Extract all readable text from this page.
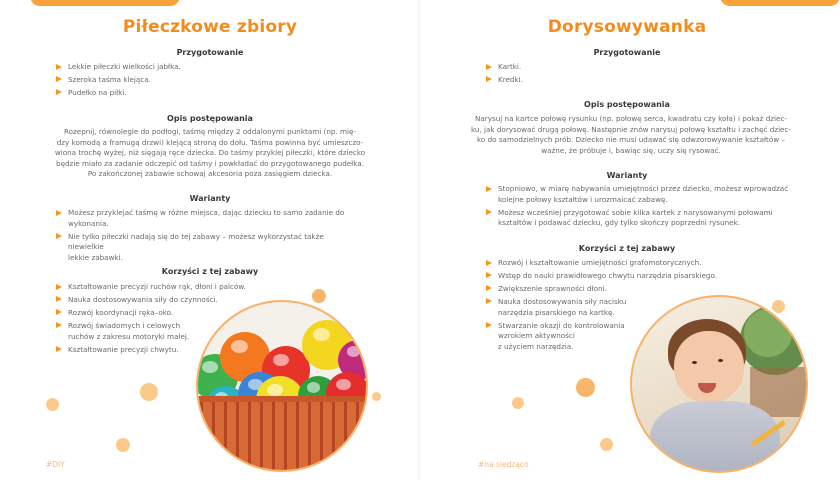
Piłeczkowe zbiory
Przygotowanie
Lekkie piłeczki wielkości jabłka.
Szeroka taśma klejąca.
Pudełko na piłki.
Opis postępowania
Rozepnij, równolegle do podłogi, taśmę między 2 oddalonymi punktami (np. mię-
dzy komodą a framugą drzwi) klejącą stroną do dołu. Taśma powinna być umieszczo-
wiona trochę wyżej, niż sięgają ręce dziecka. Do taśmy przyklej piłeczki, które dziecko
będzie miało za zadanie odczepić od taśmy i powkładać do przygotowanego pudełka.
Po zakończonej zabawie schowaj akcesoria poza zasięgiem dziecka.
Warianty
Możesz przyklejać taśmę w różne miejsca, dając dziecku to samo zadanie do
wykonania.
Nie tylko piłeczki nadają się do tej zabawy – możesz wykorzystać także niewielkie
lekkie zabawki.
Korzyści z tej zabawy
Kształtowanie precyzji ruchów rąk, dłoni i palców.
Nauka dostosowywania siły do czynności.
Rozwój koordynacji ręka–oko.
Rozwój świadomych i celowych
ruchów z zakresu motoryki małej.
Kształtowanie precyzji chwytu.
#DIY
Dorysowywanka
Przygotowanie
Kartki.
Kredki.
Opis postępowania
Narysuj na kartce połowę rysunku (np. połowę serca, kwadratu czy koła) i pokaż dziec-
ku, jak dorysować drugą połowę. Następnie znów narysuj połowę kształtu i zachęć dziec-
ko do samodzielnych prób. Dziecko nie musi udawać się odwzorowywanie kształtów –
ważne, że próbuje i, bawiąc się, uczy się rysować.
Warianty
Stopniowo, w miarę nabywania umiejętności przez dziecko, możesz wprowadzać
kolejne połowy kształtów i urozmaicać zabawę.
Możesz wcześniej przygotować sobie kilka kartek z narysowanymi połowami
kształtów i podawać dziecku, gdy tylko skończy poprzedni rysunek.
Korzyści z tej zabawy
Rozwój i kształtowanie umiejętności grafomotorycznych.
Wstęp do nauki prawidłowego chwytu narzędzia pisarskiego.
Zwiększenie sprawności dłoni.
Nauka dostosowywania siły nacisku
narzędzia pisarskiego na kartkę.
Stwarzanie okazji do kontrolowania
wzrokiem aktywności
z użyciem narzędzia.
#na siedząco
